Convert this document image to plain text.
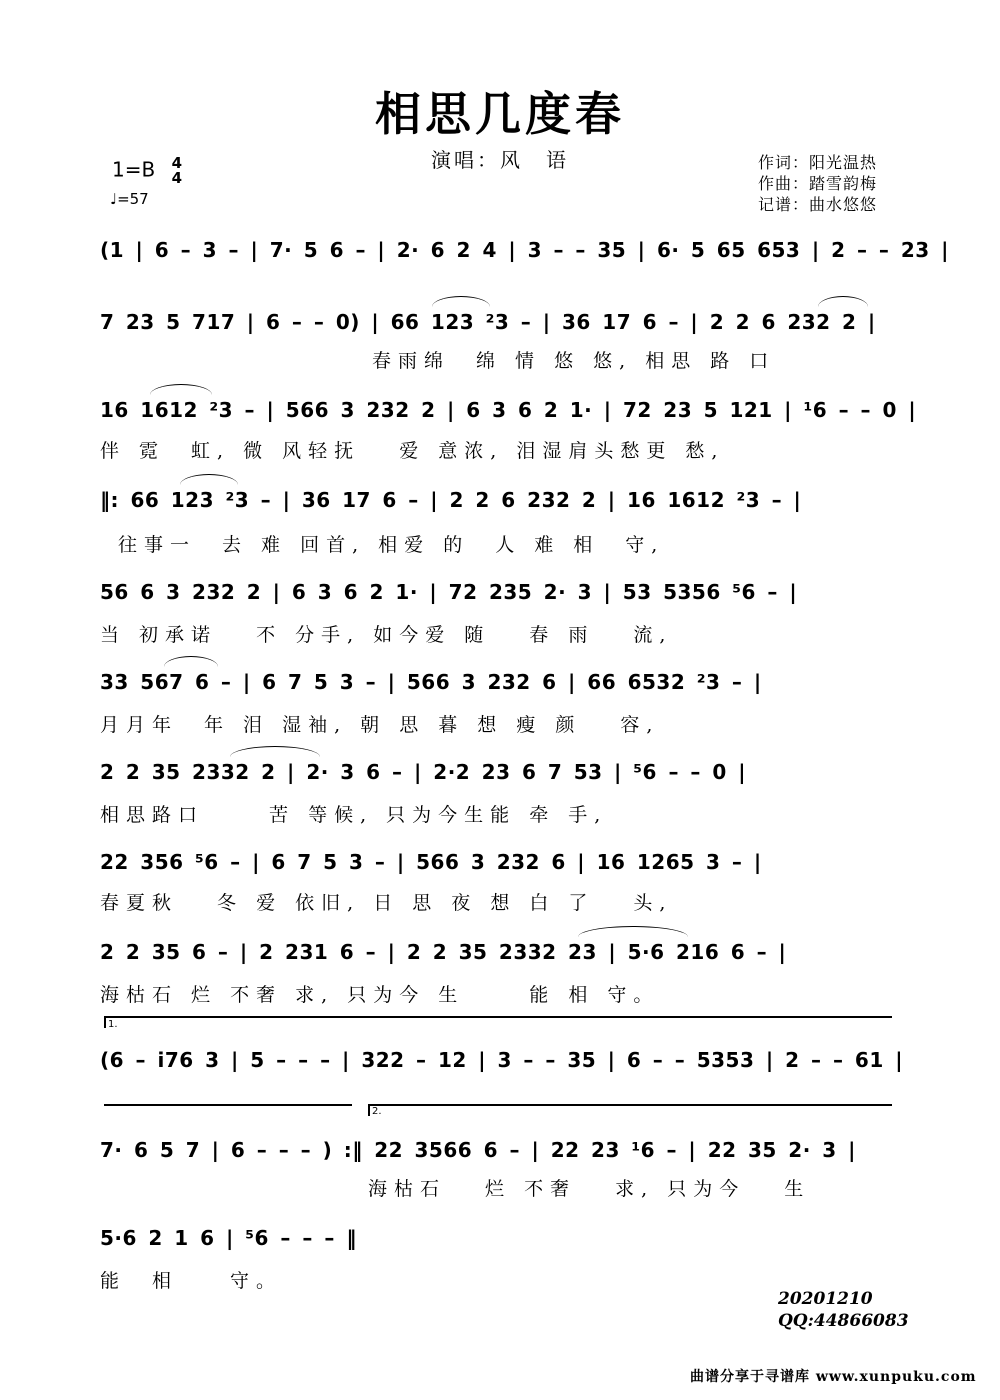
相思几度春
演唱：风　语
1=B 4
4
♩=57
作词：阳光温热
作曲：踏雪韵梅
记谱：曲水悠悠
(1 | 6 – 3 – | 7· 5 6 – | 2· 6 2 4 | 3 – – 35 | 6· 5 65 653 | 2 – – 23 |
7 23 5 717 | 6 – – 0) | 66 123 ²3 – | 36 17 6 – | 2 2 6 232 2 |
春雨绵　绵 情 悠 悠, 相思 路 口
16 1612 ²3 – | 566 3 232 2 | 6 3 6 2 1· | 72 23 5 121 | ¹6 – – 0 |
伴 霓　虹, 微 风轻抚　 爱 意浓, 泪湿肩头愁更 愁,
‖: 66 123 ²3 – | 36 17 6 – | 2 2 6 232 2 | 16 1612 ²3 – |
往事一　去 难 回首, 相爱 的　人 难 相　守,
56 6 3 232 2 | 6 3 6 2 1· | 72 235 2· 3 | 53 5356 ⁵6 – |
当 初承诺　 不 分手, 如今爱 随　 春 雨　 流,
33 567 6 – | 6 7 5 3 – | 566 3 232 6 | 66 6532 ²3 – |
月月年　年 泪 湿袖, 朝 思 暮 想 瘦 颜　 容,
2 2 35 2332 2 | 2· 3 6 – | 2·2 23 6 7 53 | ⁵6 – – 0 |
相思路口　　 苦 等候, 只为今生能 牵 手,
22 356 ⁵6 – | 6 7 5 3 – | 566 3 232 6 | 16 1265 3 – |
春夏秋　 冬 爱 依旧, 日 思 夜 想 白 了　 头,
2 2 35 6 – | 2 231 6 – | 2 2 35 2332 23 | 5·6 216 6 – |
海枯石 烂 不奢 求, 只为今 生　　 能 相 守。
1.
(6 – i76 3 | 5 – – – | 322 – 12 | 3 – – 35 | 6 – – 5353 | 2 – – 61 |
2.
7· 6 5 7 | 6 – – – ) :‖ 22 3566 6 – | 22 23 ¹6 – | 22 35 2· 3 |
海枯石　 烂 不奢　 求, 只为今　 生
5·6 2 1 6 | ⁵6 – – – ‖
能　相　　守。
20201210
QQ:44866083
曲谱分享于寻谱库 www.xunpuku.com
